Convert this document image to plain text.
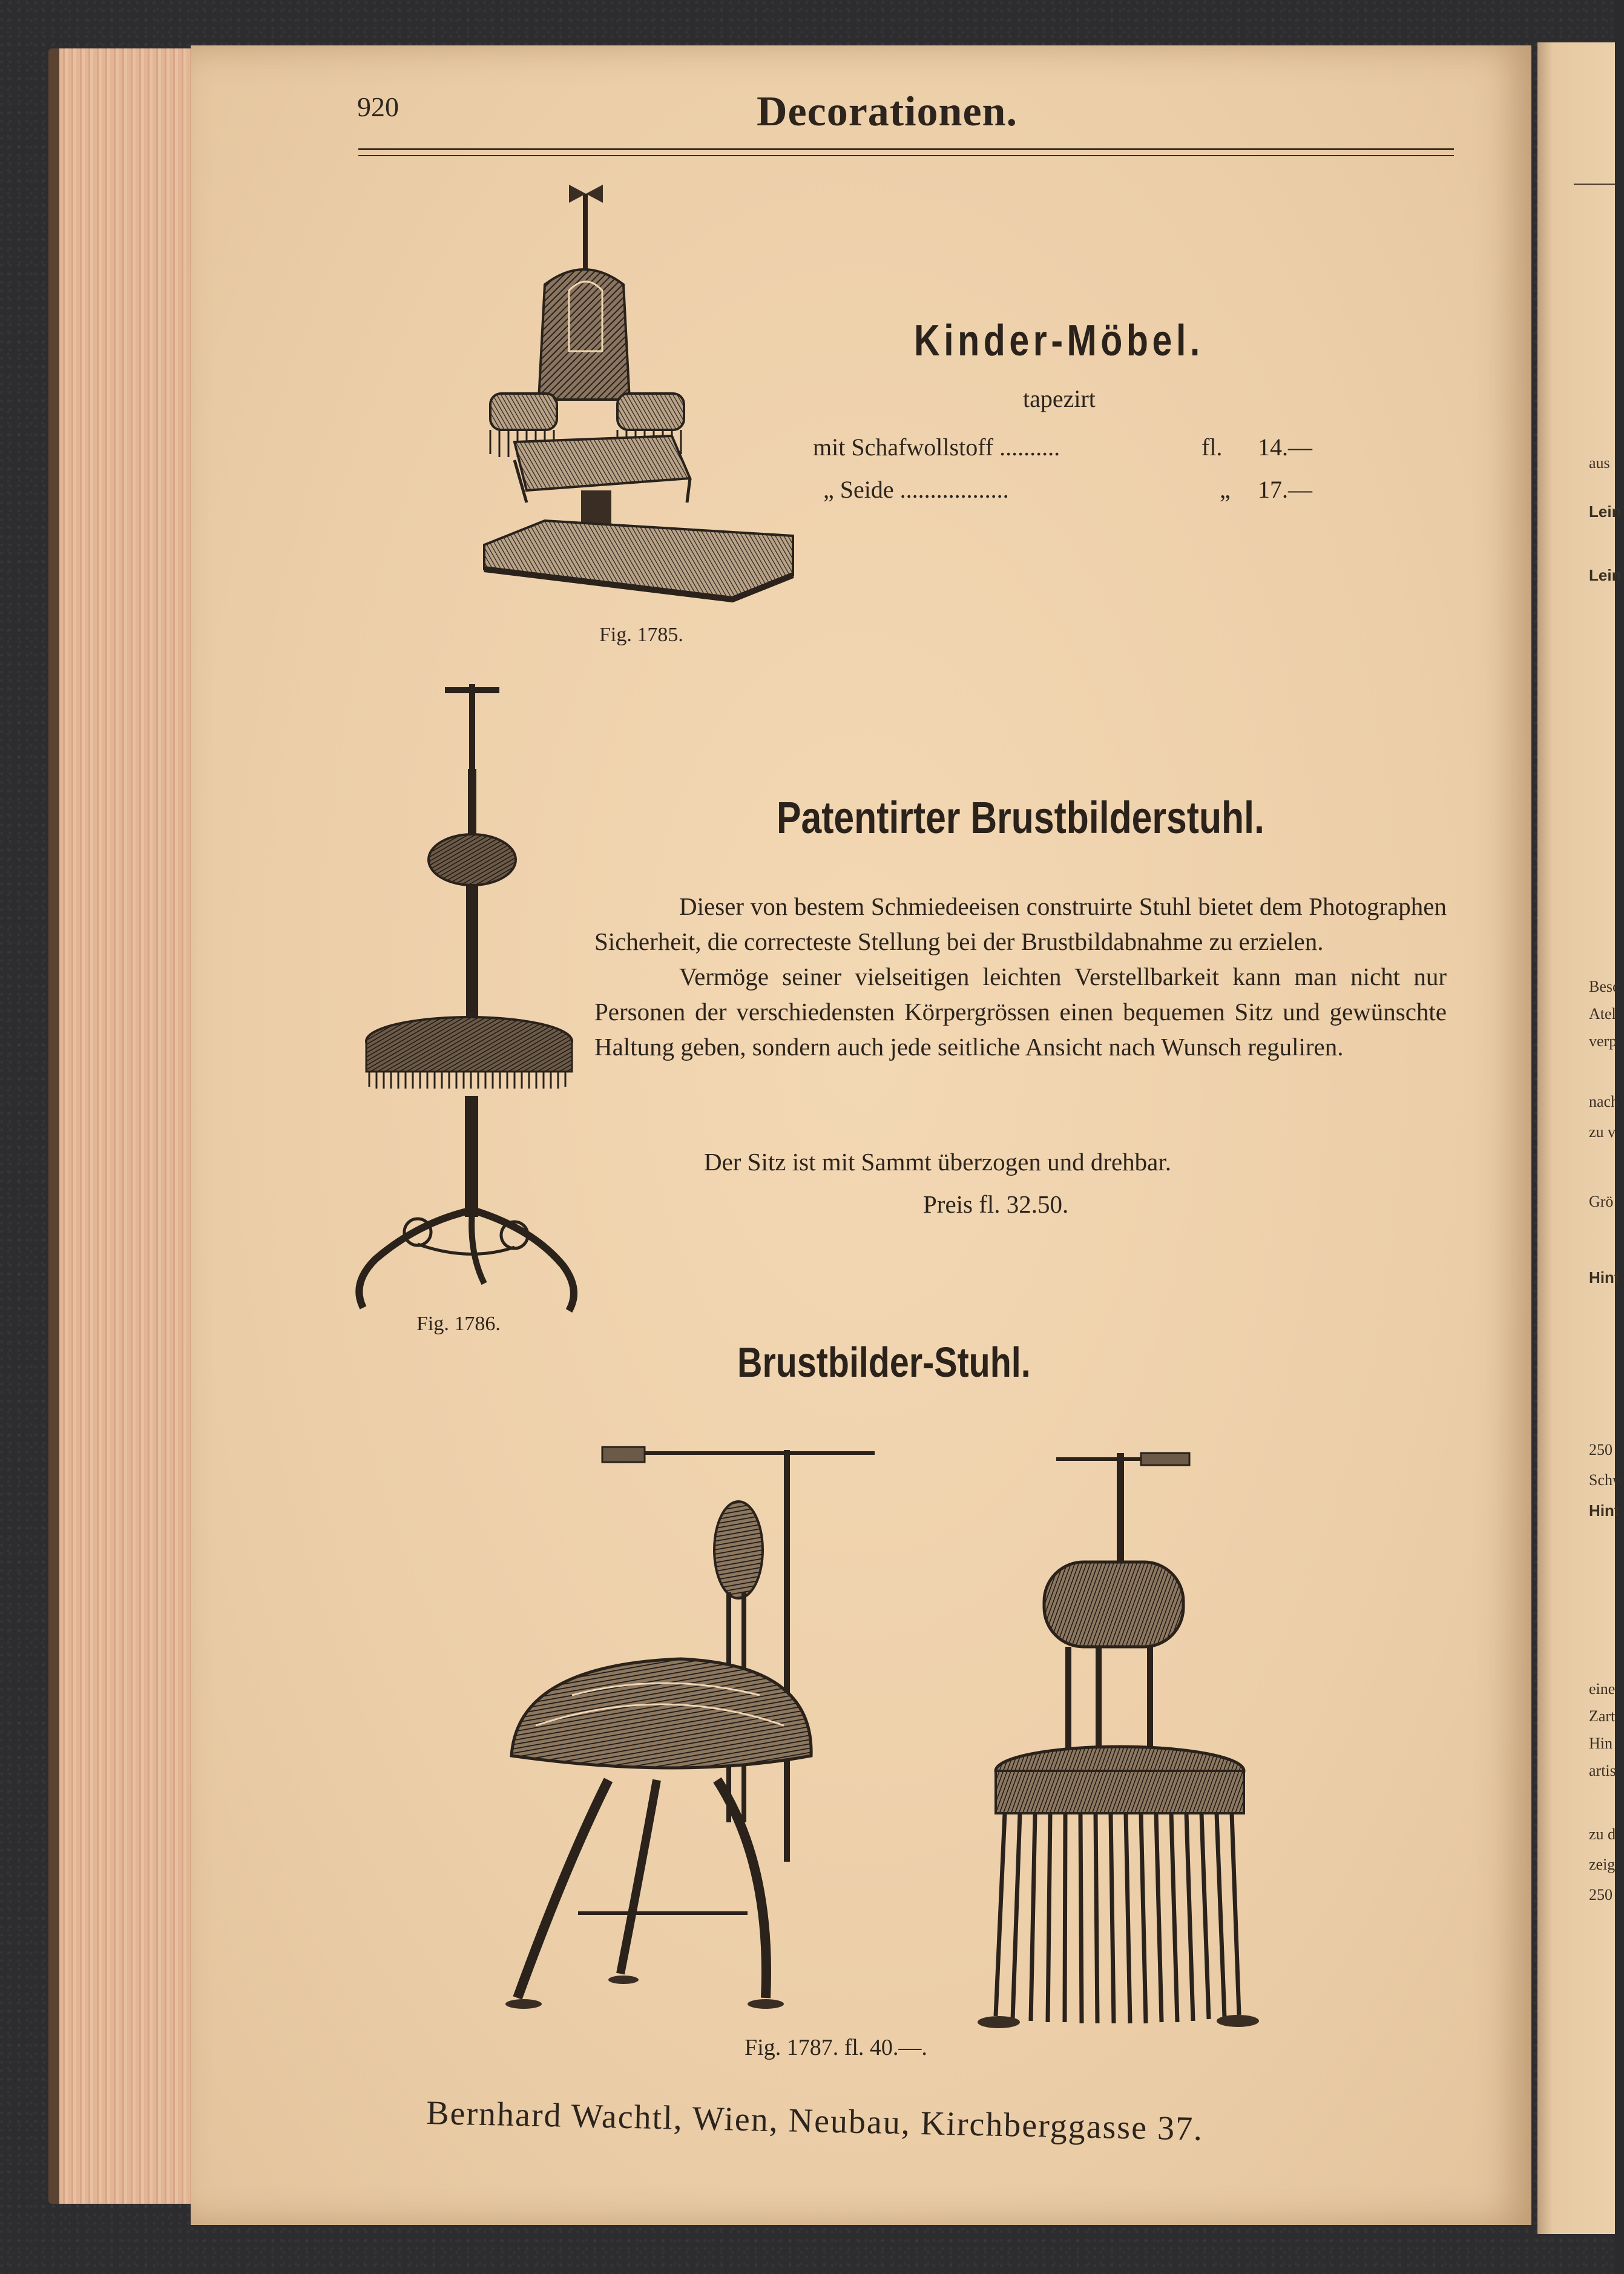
aus
Lein
Lein
Besc
Atel
verp
nach
zu v
Grö
Hint
250
Schw
Hint
eine
Zart
Hin
artis
zu d
zeig
250
920	Decorationen.
Fig. 1785.
Kinder-Möbel.
tapezirt
mit Schafwollstoff ..........	fl. 14.—
„ Seide ..................	„ 17.—
Fig. 1786.
Patentirter Brustbilderstuhl.

Dieser von bestem Schmiedeeisen construirte Stuhl bietet dem Photographen Sicherheit, die correcteste Stellung bei der Brustbildabnahme zu erzielen.

Vermöge seiner vielseitigen leichten Verstellbarkeit kann man nicht nur Personen der verschiedensten Körpergrössen einen bequemen Sitz und gewünschte Haltung geben, sondern auch jede seitliche Ansicht nach Wunsch reguliren.

Der Sitz ist mit Sammt überzogen und drehbar.
Preis fl. 32.50.
Brustbilder-Stuhl.
Fig. 1787. fl. 40.—.
Bernhard Wachtl, Wien, Neubau, Kirchberggasse 37.
